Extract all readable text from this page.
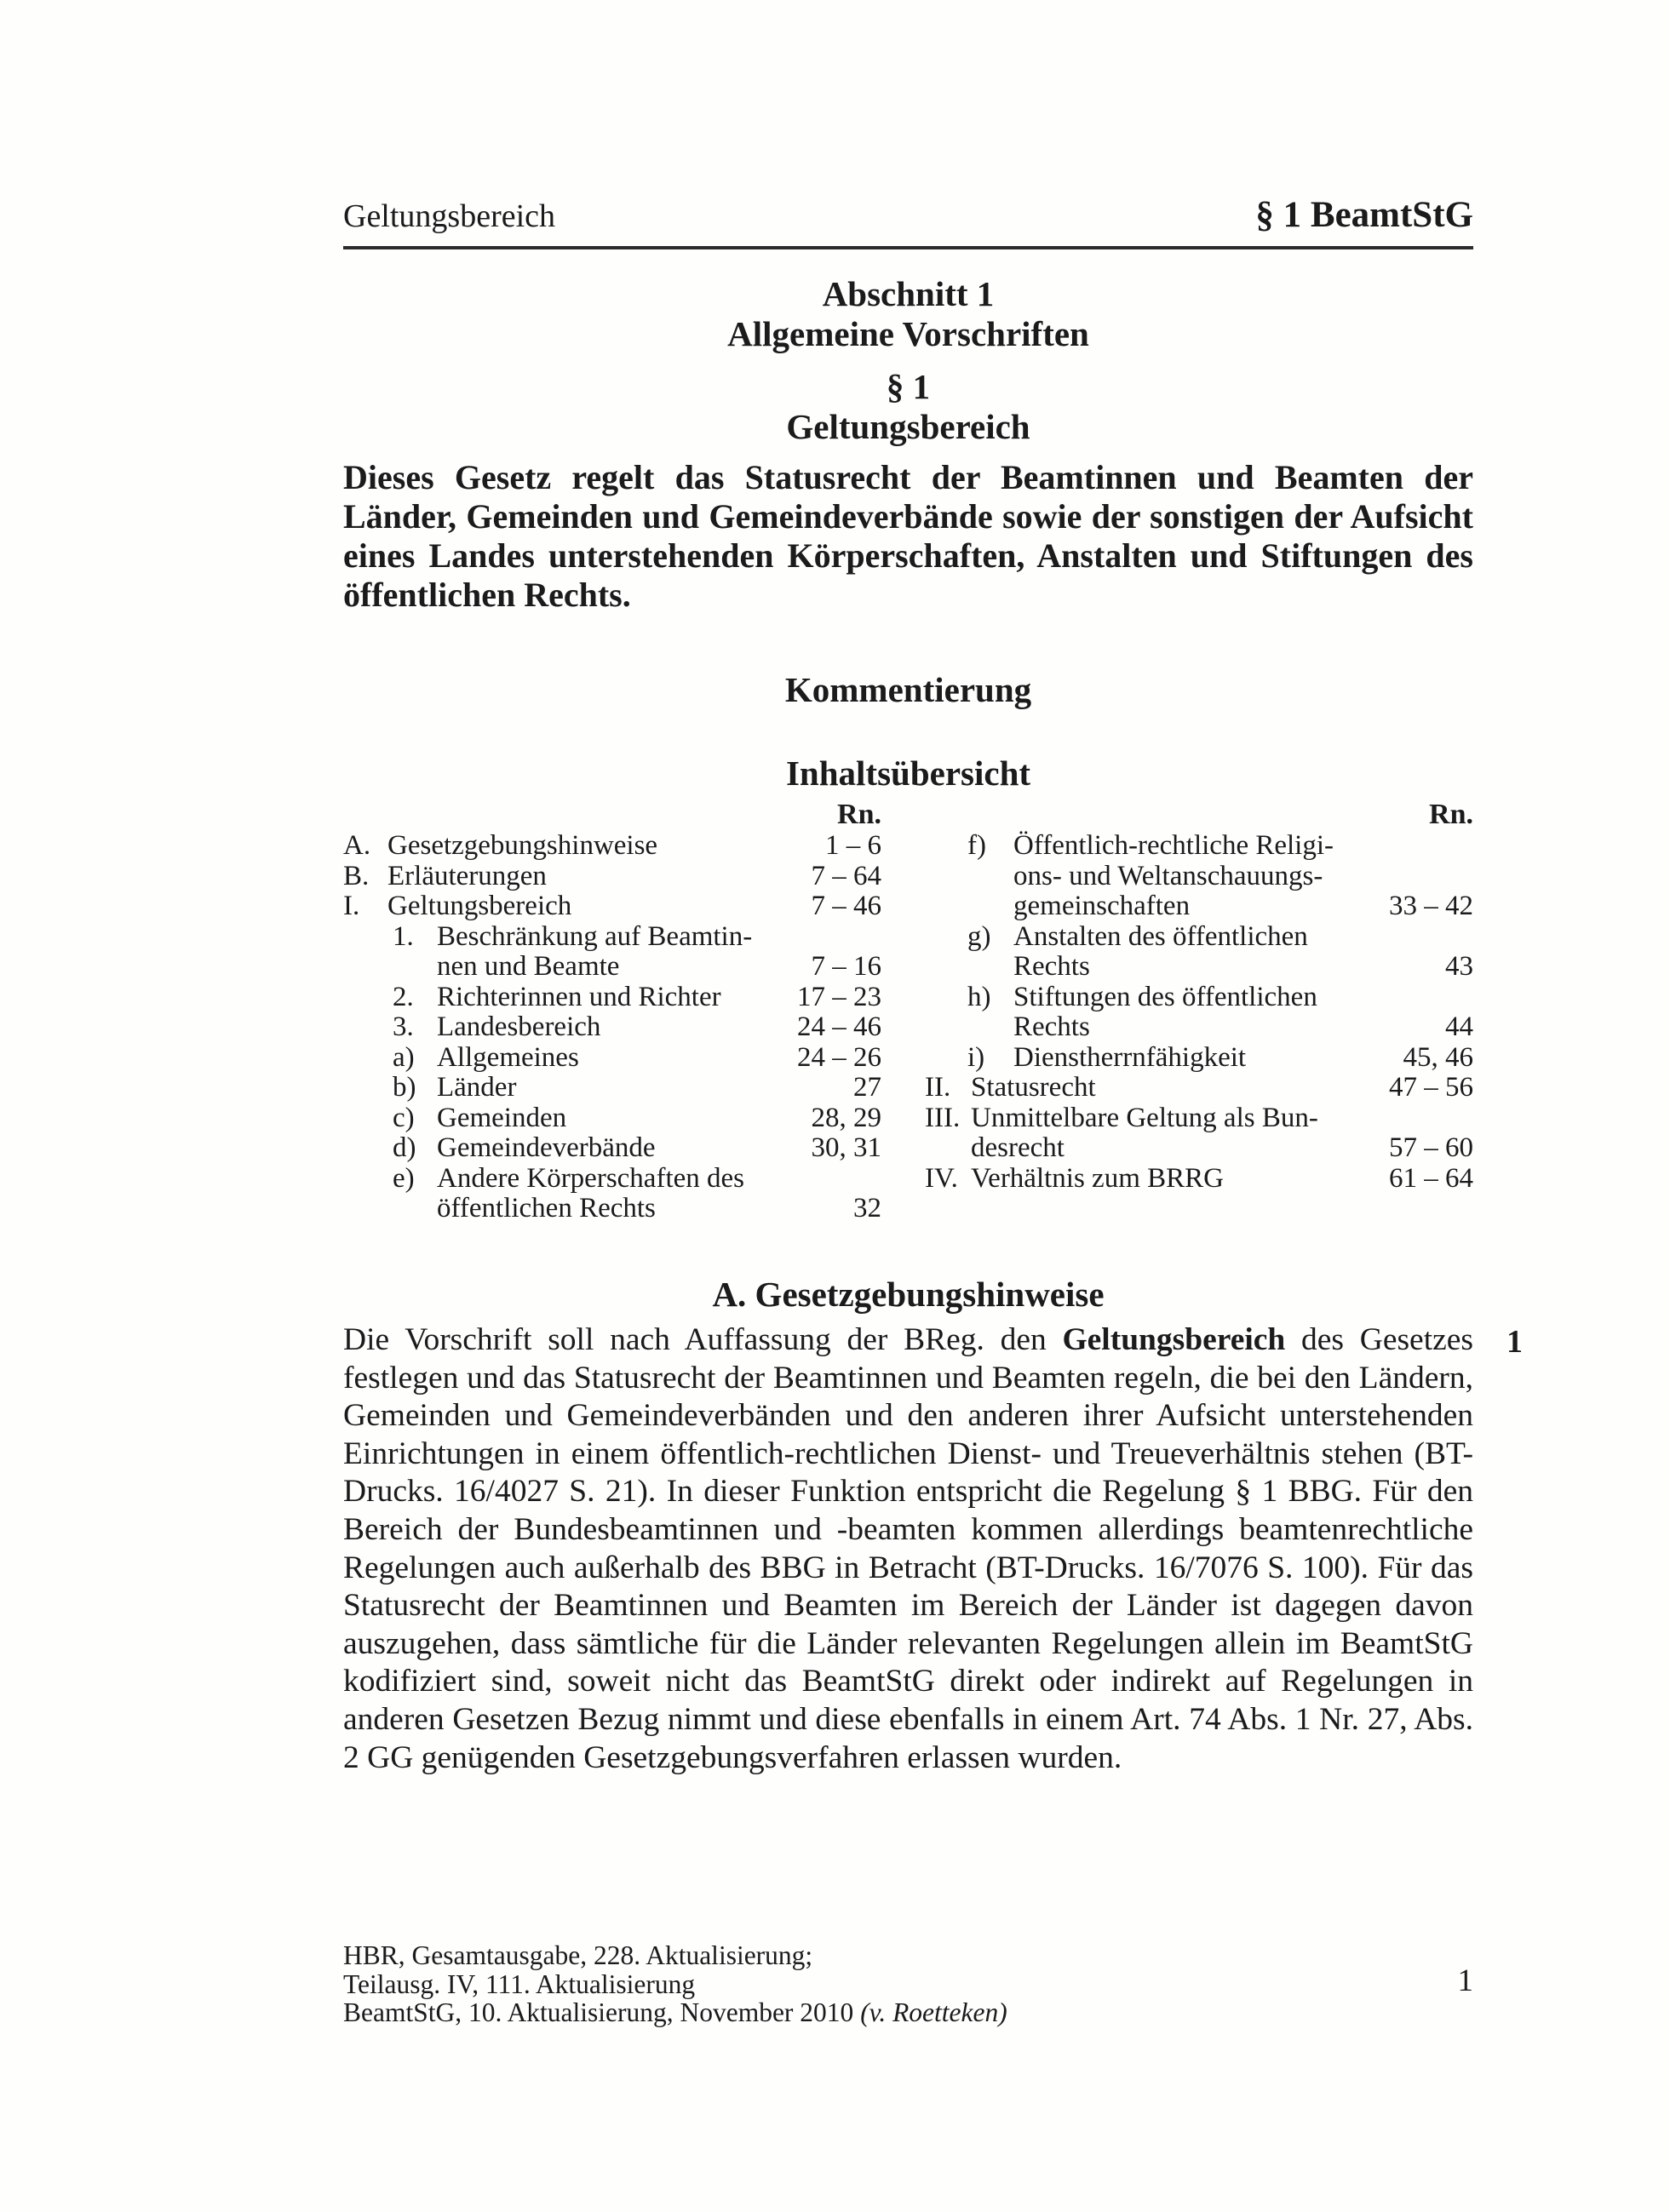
Geltungsbereich	§ 1 BeamtStG
Abschnitt 1
Allgemeine Vorschriften
§ 1
Geltungsbereich
Dieses Gesetz regelt das Statusrecht der Beamtinnen und Beamten der Länder, Gemeinden und Gemeindeverbände sowie der sonstigen der Aufsicht eines Landes unterstehenden Körperschaften, Anstalten und Stiftungen des öffentlichen Rechts.
Kommentierung
Inhaltsübersicht
Rn.	Rn.
A. Gesetzgebungshinweise	1 – 6
B. Erläuterungen	7 – 64
I. Geltungsbereich	7 – 46
1. Beschränkung auf Beamtin-
nen und Beamte	7 – 16
2. Richterinnen und Richter	17 – 23
3. Landesbereich	24 – 46
a) Allgemeines	24 – 26
b) Länder	27
c) Gemeinden	28, 29
d) Gemeindeverbände	30, 31
e) Andere Körperschaften des
öffentlichen Rechts	32
f) Öffentlich-rechtliche Religi-
ons- und Weltanschauungs-
gemeinschaften	33 – 42
g) Anstalten des öffentlichen
Rechts	43
h) Stiftungen des öffentlichen
Rechts	44
i)	Dienstherrnfähigkeit	45, 46
II. Statusrecht	47 – 56
III. Unmittelbare Geltung als Bun-
desrecht	57 – 60
IV. Verhältnis zum BRRG	61 – 64
A. Gesetzgebungshinweise
Die Vorschrift soll nach Auffassung der BReg. den Geltungsbereich des Gesetzes festlegen und das Statusrecht der Beamtinnen und Beamten regeln, die bei den Ländern, Gemeinden und Gemeindeverbänden und den anderen ihrer Aufsicht unterstehenden Einrichtungen in einem öffentlich-rechtlichen Dienst- und Treueverhältnis stehen (BT-Drucks. 16/4027 S. 21). In dieser Funktion entspricht die Regelung § 1 BBG. Für den Bereich der Bundesbeamtinnen und -beamten kommen allerdings beamtenrechtliche Regelungen auch außerhalb des BBG in Betracht (BT-Drucks. 16/7076 S. 100). Für das Statusrecht der Beamtinnen und Beamten im Bereich der Länder ist dagegen davon auszugehen, dass sämtliche für die Länder relevanten Regelungen allein im BeamtStG kodifiziert sind, soweit nicht das BeamtStG direkt oder indirekt auf Regelungen in anderen Gesetzen Bezug nimmt und diese ebenfalls in einem Art. 74 Abs. 1 Nr. 27, Abs. 2 GG genügenden Gesetzgebungsverfahren erlassen wurden.
1
HBR, Gesamtausgabe, 228. Aktualisierung;
Teilausg. IV, 111. Aktualisierung
BeamtStG, 10. Aktualisierung, November 2010 (v. Roetteken)
1
